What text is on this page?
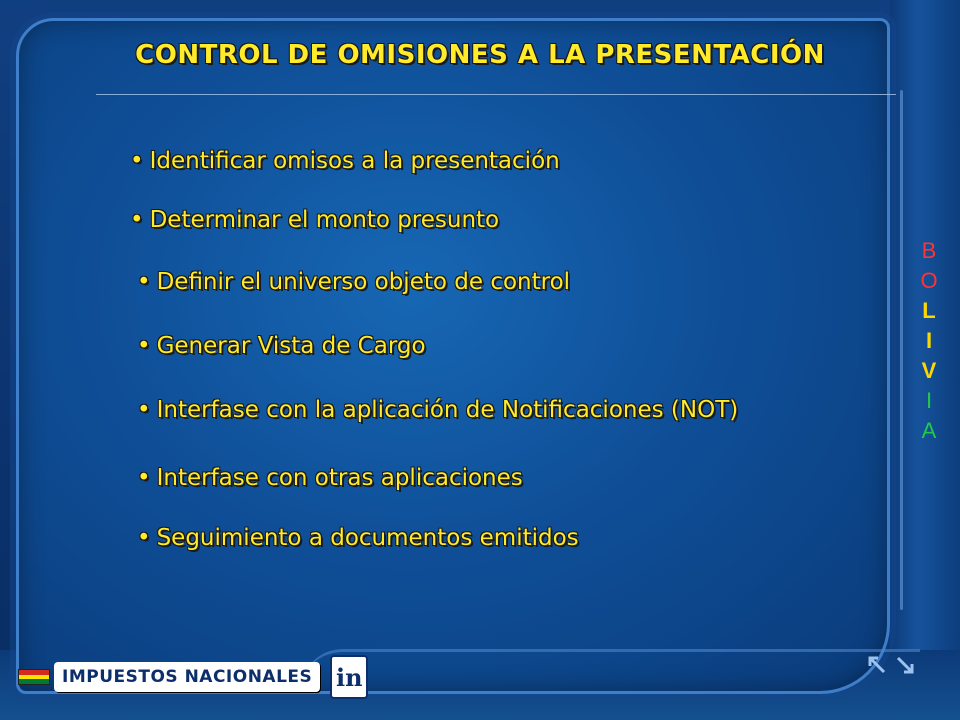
CONTROL DE OMISIONES A LA PRESENTACIÓN
• Identificar omisos a la presentación
• Determinar el monto presunto
• Definir el universo objeto de control
• Generar Vista de Cargo
• Interfase con la aplicación de Notificaciones (NOT)
• Interfase con otras aplicaciones
• Seguimiento a documentos emitidos
B
O
L
I
V
I
A
IMPUESTOS NACIONALES in
